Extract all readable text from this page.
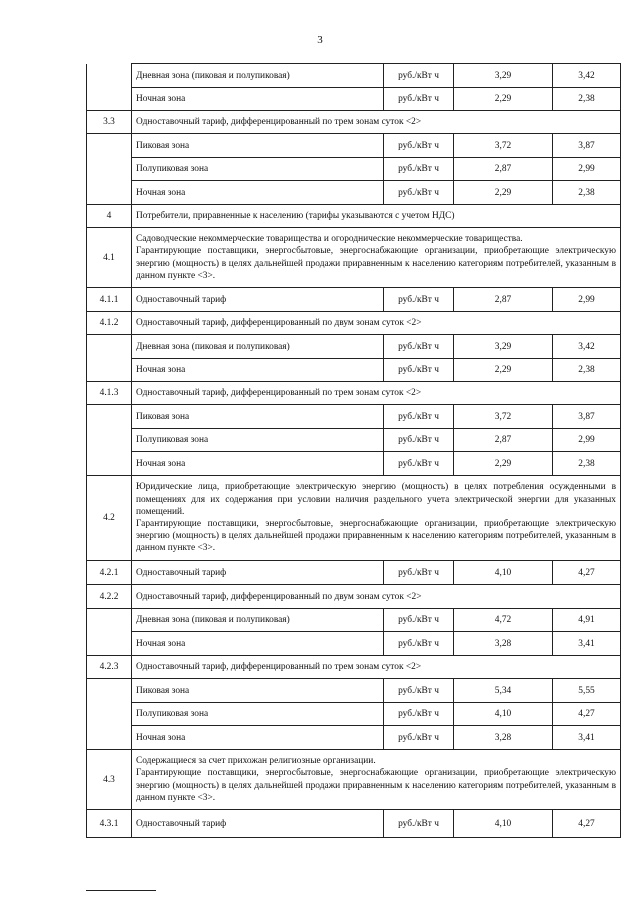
3
	Дневная зона (пиковая и полупиковая)	руб./кВт ч	3,29	3,42
	Ночная зона	руб./кВт ч	2,29	2,38
3.3	Одноставочный тариф, дифференцированный по трем зонам суток <2>			
	Пиковая зона	руб./кВт ч	3,72	3,87
	Полупиковая зона	руб./кВт ч	2,87	2,99
	Ночная зона	руб./кВт ч	2,29	2,38
4	Потребители, приравненные к населению (тарифы указываются с учетом НДС)			
4.1	Садоводческие некоммерческие товарищества и огороднические некоммерческие товарищества.
Гарантирующие поставщики, энергосбытовые, энергоснабжающие организации, приобретающие электрическую энергию (мощность) в целях дальнейшей продажи приравненным к населению категориям потребителей, указанным в данном пункте <3>.			
4.1.1	Одноставочный тариф	руб./кВт ч	2,87	2,99
4.1.2	Одноставочный тариф, дифференцированный по двум зонам суток <2>			
	Дневная зона (пиковая и полупиковая)	руб./кВт ч	3,29	3,42
	Ночная зона	руб./кВт ч	2,29	2,38
4.1.3	Одноставочный тариф, дифференцированный по трем зонам суток <2>			
	Пиковая зона	руб./кВт ч	3,72	3,87
	Полупиковая зона	руб./кВт ч	2,87	2,99
	Ночная зона	руб./кВт ч	2,29	2,38
4.2	Юридические лица, приобретающие электрическую энергию (мощность) в целях потребления осужденными в помещениях для их содержания при условии наличия раздельного учета электрической энергии для указанных помещений.
Гарантирующие поставщики, энергосбытовые, энергоснабжающие организации, приобретающие электрическую энергию (мощность) в целях дальнейшей продажи приравненным к населению категориям потребителей, указанным в данном пункте <3>.			
4.2.1	Одноставочный тариф	руб./кВт ч	4,10	4,27
4.2.2	Одноставочный тариф, дифференцированный по двум зонам суток <2>			
	Дневная зона (пиковая и полупиковая)	руб./кВт ч	4,72	4,91
	Ночная зона	руб./кВт ч	3,28	3,41
4.2.3	Одноставочный тариф, дифференцированный по трем зонам суток <2>			
	Пиковая зона	руб./кВт ч	5,34	5,55
	Полупиковая зона	руб./кВт ч	4,10	4,27
	Ночная зона	руб./кВт ч	3,28	3,41
4.3	Содержащиеся за счет прихожан религиозные организации.
Гарантирующие поставщики, энергосбытовые, энергоснабжающие организации, приобретающие электрическую энергию (мощность) в целях дальнейшей продажи приравненным к населению категориям потребителей, указанным в данном пункте <3>.			
4.3.1	Одноставочный тариф	руб./кВт ч	4,10	4,27
